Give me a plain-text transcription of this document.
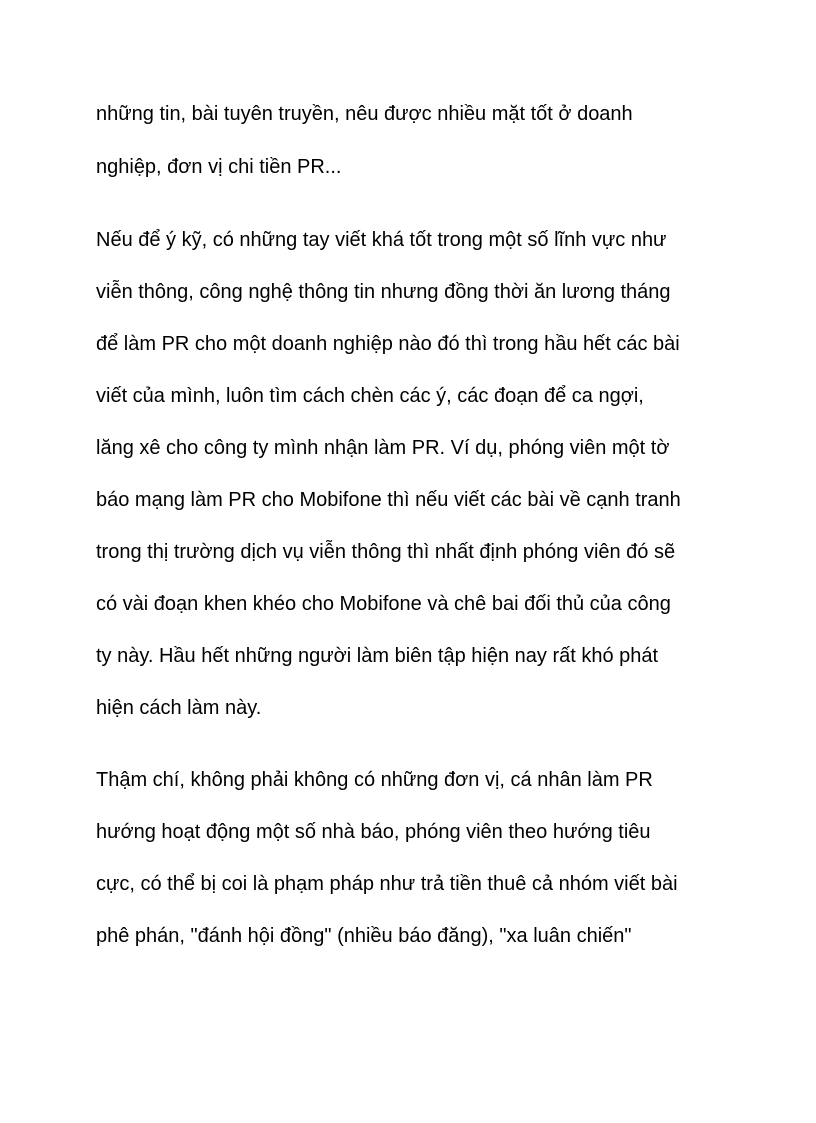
những tin, bài tuyên truyền, nêu được nhiều mặt tốt ở doanh

nghiệp, đơn vị chi tiền PR...

Nếu để ý kỹ, có những tay viết khá tốt trong một số lĩnh vực như

viễn thông, công nghệ thông tin nhưng đồng thời ăn lương tháng

để làm PR cho một doanh nghiệp nào đó thì trong hầu hết các bài

viết của mình, luôn tìm cách chèn các ý, các đoạn để ca ngợi,

lăng xê cho công ty mình nhận làm PR. Ví dụ, phóng viên một tờ

báo mạng làm PR cho Mobifone thì nếu viết các bài về cạnh tranh

trong thị trường dịch vụ viễn thông thì nhất định phóng viên đó sẽ

có vài đoạn khen khéo cho Mobifone và chê bai đối thủ của công

ty này. Hầu hết những người làm biên tập hiện nay rất khó phát

hiện cách làm này.

Thậm chí, không phải không có những đơn vị, cá nhân làm PR

hướng hoạt động một số nhà báo, phóng viên theo hướng tiêu

cực, có thể bị coi là phạm pháp như trả tiền thuê cả nhóm viết bài

phê phán, "đánh hội đồng" (nhiều báo đăng), "xa luân chiến"
